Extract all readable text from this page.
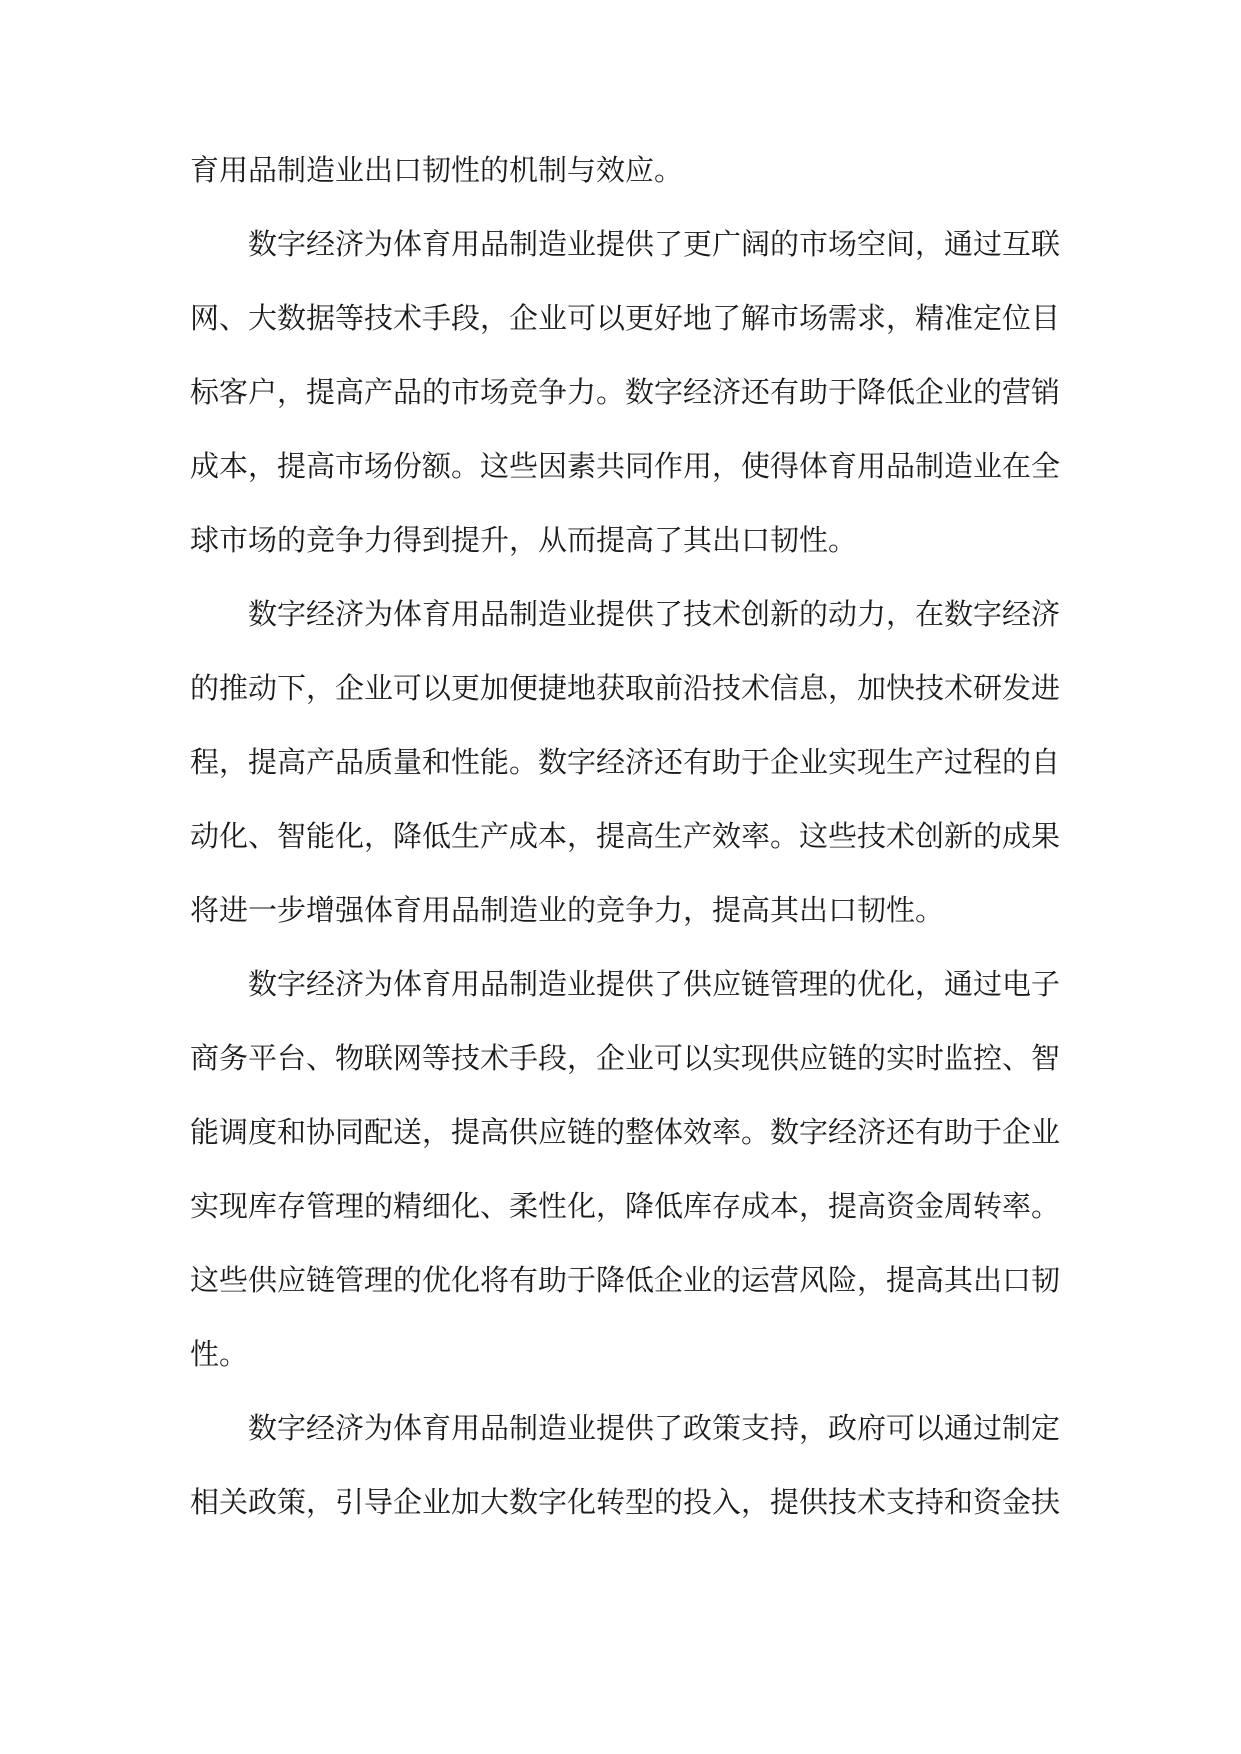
育用品制造业出口韧性的机制与效应。
数字经济为体育用品制造业提供了更广阔的市场空间，通过互联
网、大数据等技术手段，企业可以更好地了解市场需求，精准定位目
标客户，提高产品的市场竞争力。数字经济还有助于降低企业的营销
成本，提高市场份额。这些因素共同作用，使得体育用品制造业在全
球市场的竞争力得到提升，从而提高了其出口韧性。
数字经济为体育用品制造业提供了技术创新的动力，在数字经济
的推动下，企业可以更加便捷地获取前沿技术信息，加快技术研发进
程，提高产品质量和性能。数字经济还有助于企业实现生产过程的自
动化、智能化，降低生产成本，提高生产效率。这些技术创新的成果
将进一步增强体育用品制造业的竞争力，提高其出口韧性。
数字经济为体育用品制造业提供了供应链管理的优化，通过电子
商务平台、物联网等技术手段，企业可以实现供应链的实时监控、智
能调度和协同配送，提高供应链的整体效率。数字经济还有助于企业
实现库存管理的精细化、柔性化，降低库存成本，提高资金周转率。
这些供应链管理的优化将有助于降低企业的运营风险，提高其出口韧
性。
数字经济为体育用品制造业提供了政策支持，政府可以通过制定
相关政策，引导企业加大数字化转型的投入，提供技术支持和资金扶
